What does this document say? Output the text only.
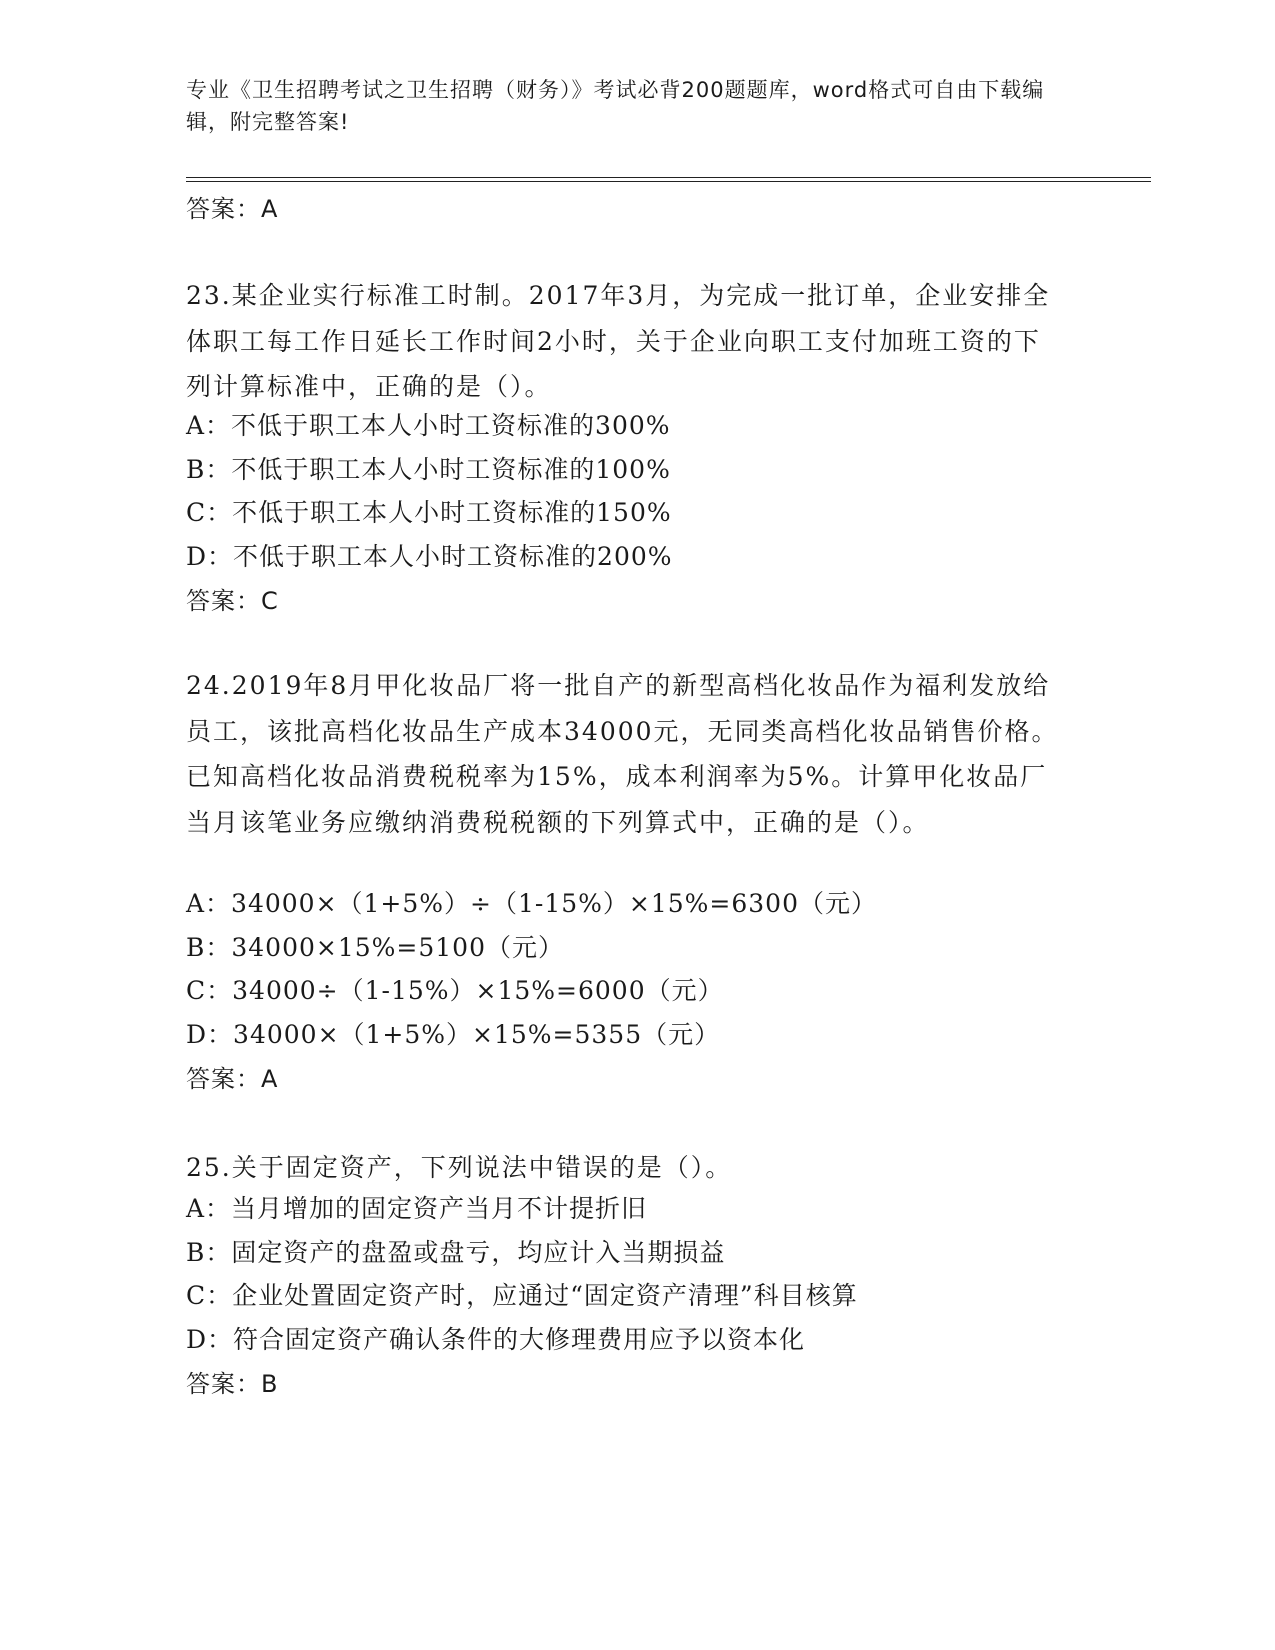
专业《卫生招聘考试之卫生招聘（财务）》考试必背200题题库，word格式可自由下载编辑，附完整答案!
答案：A
23.某企业实行标准工时制。2017年3月，为完成一批订单，企业安排全体职工每工作日延长工作时间2小时，关于企业向职工支付加班工资的下列计算标准中，正确的是（）。
A：不低于职工本人小时工资标准的300%
B：不低于职工本人小时工资标准的100%
C：不低于职工本人小时工资标准的150%
D：不低于职工本人小时工资标准的200%
答案：C
24.2019年8月甲化妆品厂将一批自产的新型高档化妆品作为福利发放给员工，该批高档化妆品生产成本34000元，无同类高档化妆品销售价格。已知高档化妆品消费税税率为15%，成本利润率为5%。计算甲化妆品厂当月该笔业务应缴纳消费税税额的下列算式中，正确的是（）。
A：34000×（1+5%）÷（1-15%）×15%=6300（元）
B：34000×15%=5100（元）
C：34000÷（1-15%）×15%=6000（元）
D：34000×（1+5%）×15%=5355（元）
答案：A
25.关于固定资产，下列说法中错误的是（）。
A：当月增加的固定资产当月不计提折旧
B：固定资产的盘盈或盘亏，均应计入当期损益
C：企业处置固定资产时，应通过“固定资产清理”科目核算
D：符合固定资产确认条件的大修理费用应予以资本化
答案：B
